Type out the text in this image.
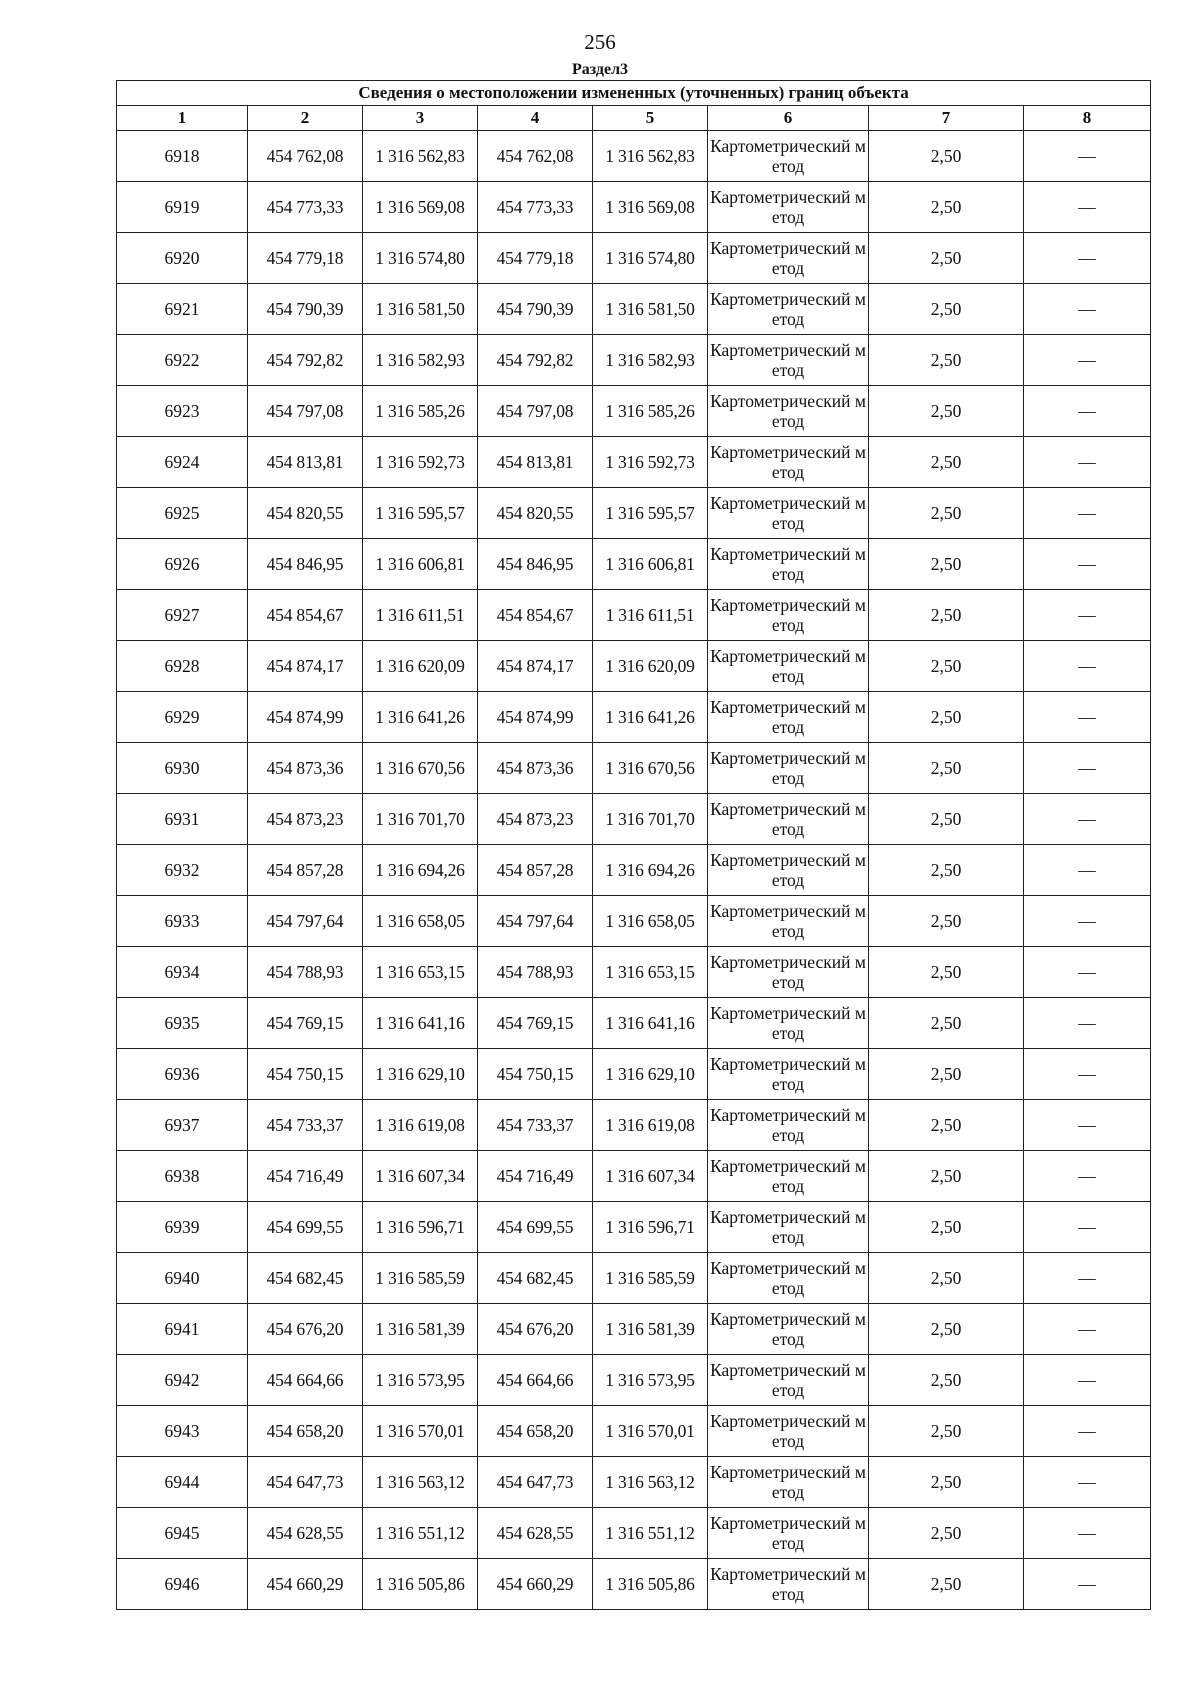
256
Раздел3
Сведения о местоположении измененных (уточненных) границ объекта							
1	2	3	4	5	6	7	8
6918	454 762,08	1 316 562,83	454 762,08	1 316 562,83	Картометрический метод	2,50	—
6919	454 773,33	1 316 569,08	454 773,33	1 316 569,08	Картометрический метод	2,50	—
6920	454 779,18	1 316 574,80	454 779,18	1 316 574,80	Картометрический метод	2,50	—
6921	454 790,39	1 316 581,50	454 790,39	1 316 581,50	Картометрический метод	2,50	—
6922	454 792,82	1 316 582,93	454 792,82	1 316 582,93	Картометрический метод	2,50	—
6923	454 797,08	1 316 585,26	454 797,08	1 316 585,26	Картометрический метод	2,50	—
6924	454 813,81	1 316 592,73	454 813,81	1 316 592,73	Картометрический метод	2,50	—
6925	454 820,55	1 316 595,57	454 820,55	1 316 595,57	Картометрический метод	2,50	—
6926	454 846,95	1 316 606,81	454 846,95	1 316 606,81	Картометрический метод	2,50	—
6927	454 854,67	1 316 611,51	454 854,67	1 316 611,51	Картометрический метод	2,50	—
6928	454 874,17	1 316 620,09	454 874,17	1 316 620,09	Картометрический метод	2,50	—
6929	454 874,99	1 316 641,26	454 874,99	1 316 641,26	Картометрический метод	2,50	—
6930	454 873,36	1 316 670,56	454 873,36	1 316 670,56	Картометрический метод	2,50	—
6931	454 873,23	1 316 701,70	454 873,23	1 316 701,70	Картометрический метод	2,50	—
6932	454 857,28	1 316 694,26	454 857,28	1 316 694,26	Картометрический метод	2,50	—
6933	454 797,64	1 316 658,05	454 797,64	1 316 658,05	Картометрический метод	2,50	—
6934	454 788,93	1 316 653,15	454 788,93	1 316 653,15	Картометрический метод	2,50	—
6935	454 769,15	1 316 641,16	454 769,15	1 316 641,16	Картометрический метод	2,50	—
6936	454 750,15	1 316 629,10	454 750,15	1 316 629,10	Картометрический метод	2,50	—
6937	454 733,37	1 316 619,08	454 733,37	1 316 619,08	Картометрический метод	2,50	—
6938	454 716,49	1 316 607,34	454 716,49	1 316 607,34	Картометрический метод	2,50	—
6939	454 699,55	1 316 596,71	454 699,55	1 316 596,71	Картометрический метод	2,50	—
6940	454 682,45	1 316 585,59	454 682,45	1 316 585,59	Картометрический метод	2,50	—
6941	454 676,20	1 316 581,39	454 676,20	1 316 581,39	Картометрический метод	2,50	—
6942	454 664,66	1 316 573,95	454 664,66	1 316 573,95	Картометрический метод	2,50	—
6943	454 658,20	1 316 570,01	454 658,20	1 316 570,01	Картометрический метод	2,50	—
6944	454 647,73	1 316 563,12	454 647,73	1 316 563,12	Картометрический метод	2,50	—
6945	454 628,55	1 316 551,12	454 628,55	1 316 551,12	Картометрический метод	2,50	—
6946	454 660,29	1 316 505,86	454 660,29	1 316 505,86	Картометрический метод	2,50	—
